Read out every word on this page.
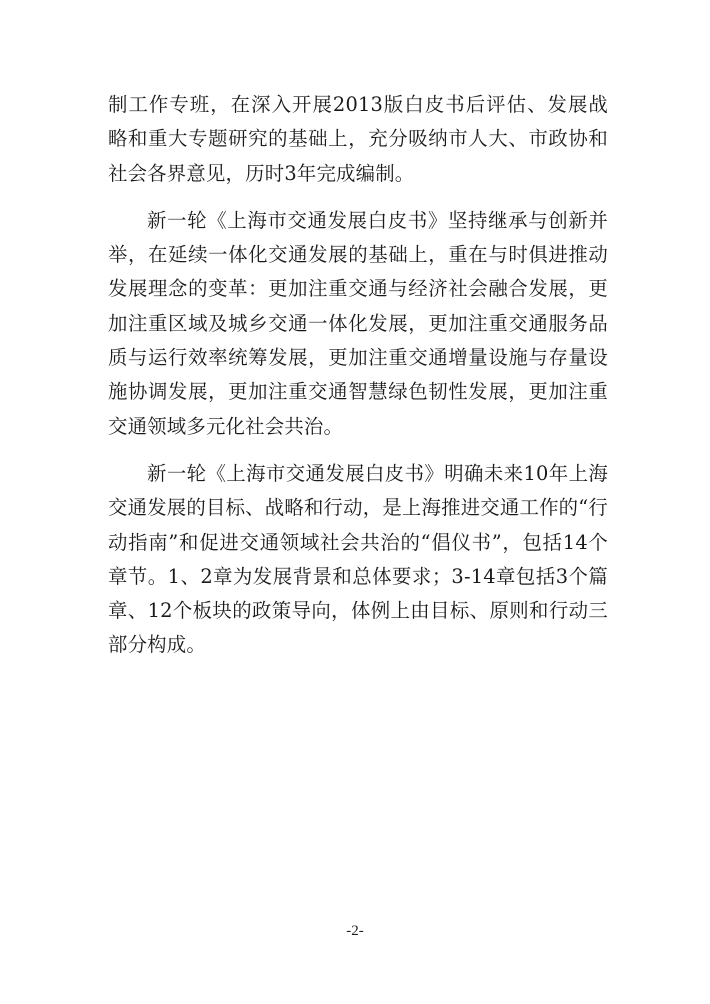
制工作专班，在深入开展2013版白皮书后评估、发展战略和重大专题研究的基础上，充分吸纳市人大、市政协和社会各界意见，历时3年完成编制。

新一轮《上海市交通发展白皮书》坚持继承与创新并举，在延续一体化交通发展的基础上，重在与时俱进推动发展理念的变革：更加注重交通与经济社会融合发展，更加注重区域及城乡交通一体化发展，更加注重交通服务品质与运行效率统筹发展，更加注重交通增量设施与存量设施协调发展，更加注重交通智慧绿色韧性发展，更加注重交通领域多元化社会共治。

新一轮《上海市交通发展白皮书》明确未来10年上海交通发展的目标、战略和行动，是上海推进交通工作的“行动指南”和促进交通领域社会共治的“倡仪书”，包括14个章节。1、2章为发展背景和总体要求；3-14章包括3个篇章、12个板块的政策导向，体例上由目标、原则和行动三部分构成。

-2-
